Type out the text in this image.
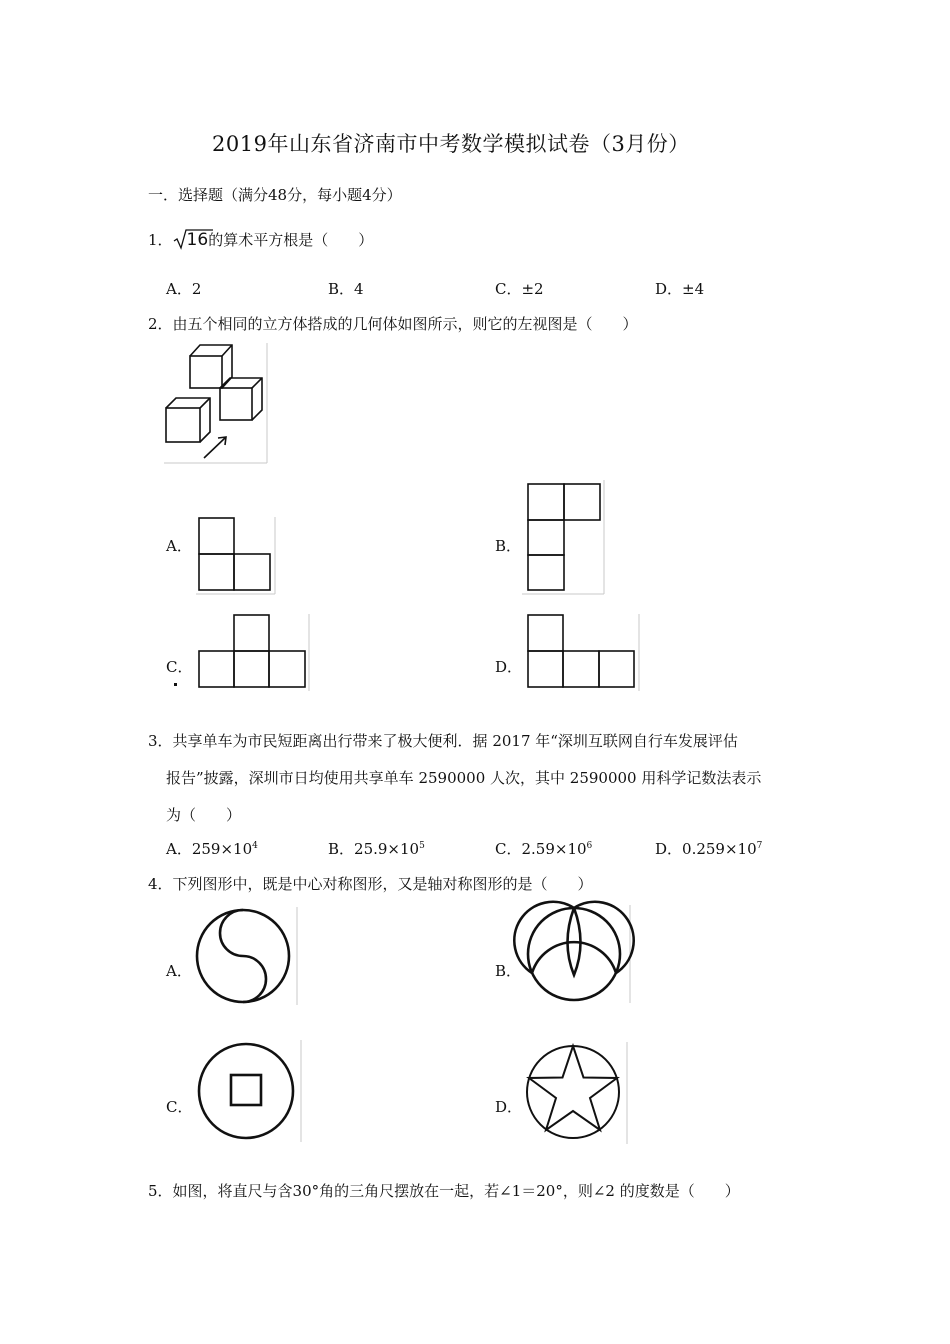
2019年山东省济南市中考数学模拟试卷（3月份）
一．选择题（满分48分，每小题4分）
1． 16的算术平方根是（　　）
A．2	B．4	C．±2	D．±4
2．由五个相同的立方体搭成的几何体如图所示，则它的左视图是（　　）
A．	B．
C．	D．
3．共享单车为市民短距离出行带来了极大便利．据 2017 年“深圳互联网自行车发展评估
报告”披露，深圳市日均使用共享单车 2590000 人次，其中 2590000 用科学记数法表示
为（　　）
A．$259\times 10^4$	B．$25.9\times 10^5$	C．$2.59\times 10^6$	D．$0.259\times 10^7$
4．下列图形中，既是中心对称图形，又是轴对称图形的是（　　）
A．	B．
C．	D．
5．如图，将直尺与含30°角的三角尺摆放在一起，若∠1＝20°，则∠2 的度数是（　　）
